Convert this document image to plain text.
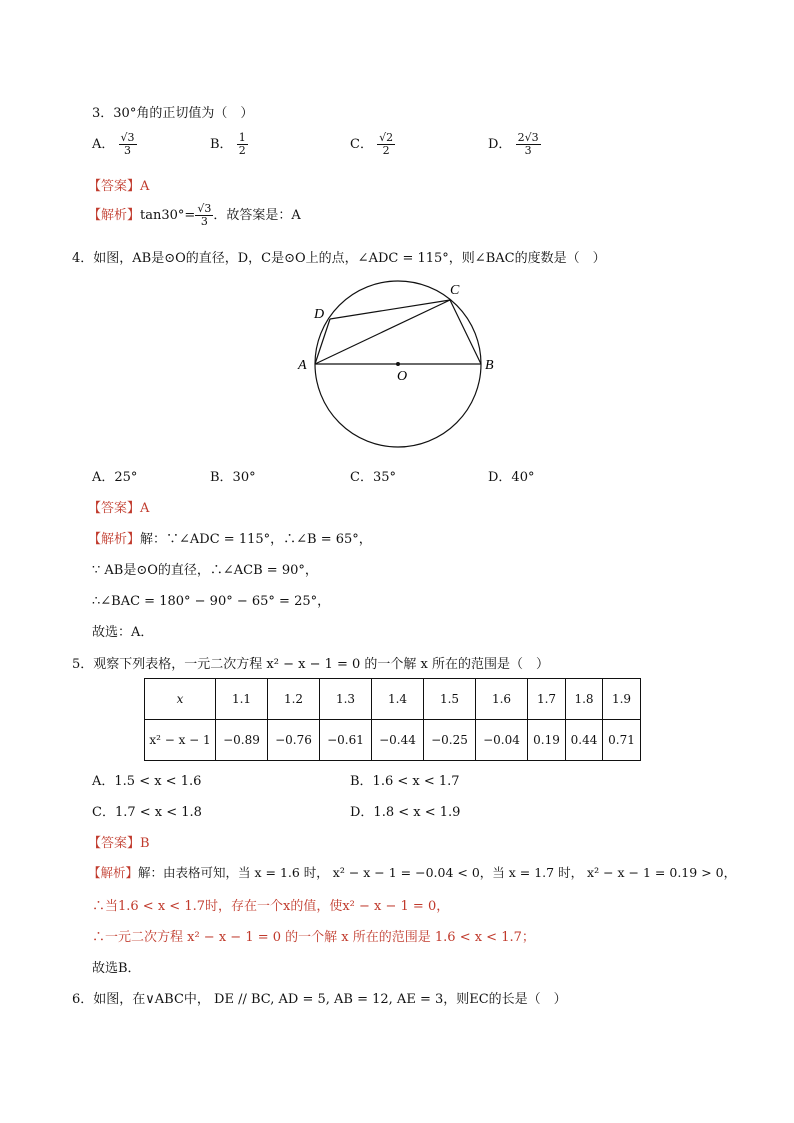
3．30°角的正切值为（　）
A． $\frac{√3}{3}$	B． $\frac{1}{2}$	C． $\frac{√2}{2}$	D． $\frac{2√3}{3}$
【答案】A
【解析】$\tan 30^\circ= \frac{√3}{3}$ ．故答案是：A
4．如图，AB是⊙O的直径，D，C是⊙O上的点，∠ADC = 115°，则∠BAC的度数是（　）
A	B
C
D
O
A．25°	B．30°	C．35°	D．40°
【答案】A
【解析】解：∵∠ADC = 115°，∴∠B = 65°，
∵ AB是⊙O的直径，∴∠ACB = 90°，
∴∠BAC = 180° − 90° − 65° = 25°，
故选：A．
5．观察下列表格，一元二次方程 x² − x − 1 = 0 的一个解 x 所在的范围是（　）
x	1.1	1.2	1.3	1.4	1.5	1.6	1.7	1.8	1.9
x² − x − 1	−0.89	−0.76	−0.61	−0.44	−0.25	−0.04	0.19	0.44	0.71
A．1.5 < x < 1.6	B．1.6 < x < 1.7
C．1.7 < x < 1.8	D．1.8 < x < 1.9
【答案】B
【解析】解：由表格可知，当 x = 1.6 时， x² − x − 1 = −0.04 < 0，当 x = 1.7 时， x² − x − 1 = 0.19 > 0，
∴当1.6 < x < 1.7时，存在一个x的值，使x² − x − 1 = 0，
∴一元二次方程 x² − x − 1 = 0 的一个解 x 所在的范围是 1.6 < x < 1.7；
故选B．
6．如图，在∨ABC中， DE // BC, AD = 5, AB = 12, AE = 3，则EC的长是（　）
